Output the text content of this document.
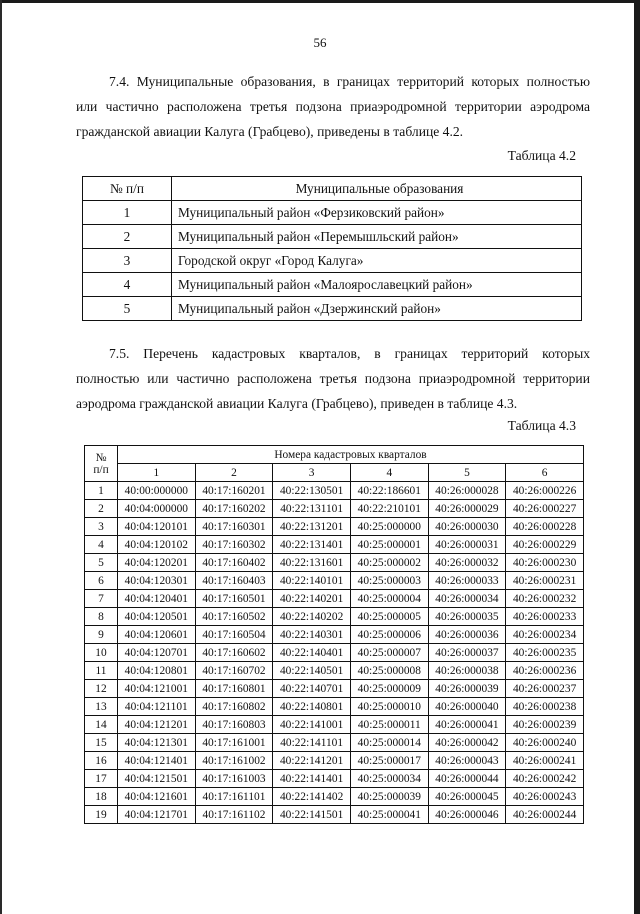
56

7.4. Муниципальные образования, в границах территорий которых полностью

или частично расположена третья подзона приаэродромной территории аэродрома

гражданской авиации Калуга (Грабцево), приведены в таблице 4.2.

Таблица 4.2
№ п/п	Муниципальные образования
1	Муниципальный район «Ферзиковский район»
2	Муниципальный район «Перемышльский район»
3	Городской округ «Город Калуга»
4	Муниципальный район «Малоярославецкий район»
5	Муниципальный район «Дзержинский район»

7.5. Перечень кадастровых кварталов, в границах территорий которых

полностью или частично расположена третья подзона приаэродромной территории

аэродрома гражданской авиации Калуга (Грабцево), приведен в таблице 4.3.

Таблица 4.3
№
п/п	Номера кадастровых кварталов					
	1	2	3	4	5	6
1	40:00:000000	40:17:160201	40:22:130501	40:22:186601	40:26:000028	40:26:000226
2	40:04:000000	40:17:160202	40:22:131101	40:22:210101	40:26:000029	40:26:000227
3	40:04:120101	40:17:160301	40:22:131201	40:25:000000	40:26:000030	40:26:000228
4	40:04:120102	40:17:160302	40:22:131401	40:25:000001	40:26:000031	40:26:000229
5	40:04:120201	40:17:160402	40:22:131601	40:25:000002	40:26:000032	40:26:000230
6	40:04:120301	40:17:160403	40:22:140101	40:25:000003	40:26:000033	40:26:000231
7	40:04:120401	40:17:160501	40:22:140201	40:25:000004	40:26:000034	40:26:000232
8	40:04:120501	40:17:160502	40:22:140202	40:25:000005	40:26:000035	40:26:000233
9	40:04:120601	40:17:160504	40:22:140301	40:25:000006	40:26:000036	40:26:000234
10	40:04:120701	40:17:160602	40:22:140401	40:25:000007	40:26:000037	40:26:000235
11	40:04:120801	40:17:160702	40:22:140501	40:25:000008	40:26:000038	40:26:000236
12	40:04:121001	40:17:160801	40:22:140701	40:25:000009	40:26:000039	40:26:000237
13	40:04:121101	40:17:160802	40:22:140801	40:25:000010	40:26:000040	40:26:000238
14	40:04:121201	40:17:160803	40:22:141001	40:25:000011	40:26:000041	40:26:000239
15	40:04:121301	40:17:161001	40:22:141101	40:25:000014	40:26:000042	40:26:000240
16	40:04:121401	40:17:161002	40:22:141201	40:25:000017	40:26:000043	40:26:000241
17	40:04:121501	40:17:161003	40:22:141401	40:25:000034	40:26:000044	40:26:000242
18	40:04:121601	40:17:161101	40:22:141402	40:25:000039	40:26:000045	40:26:000243
19	40:04:121701	40:17:161102	40:22:141501	40:25:000041	40:26:000046	40:26:000244
